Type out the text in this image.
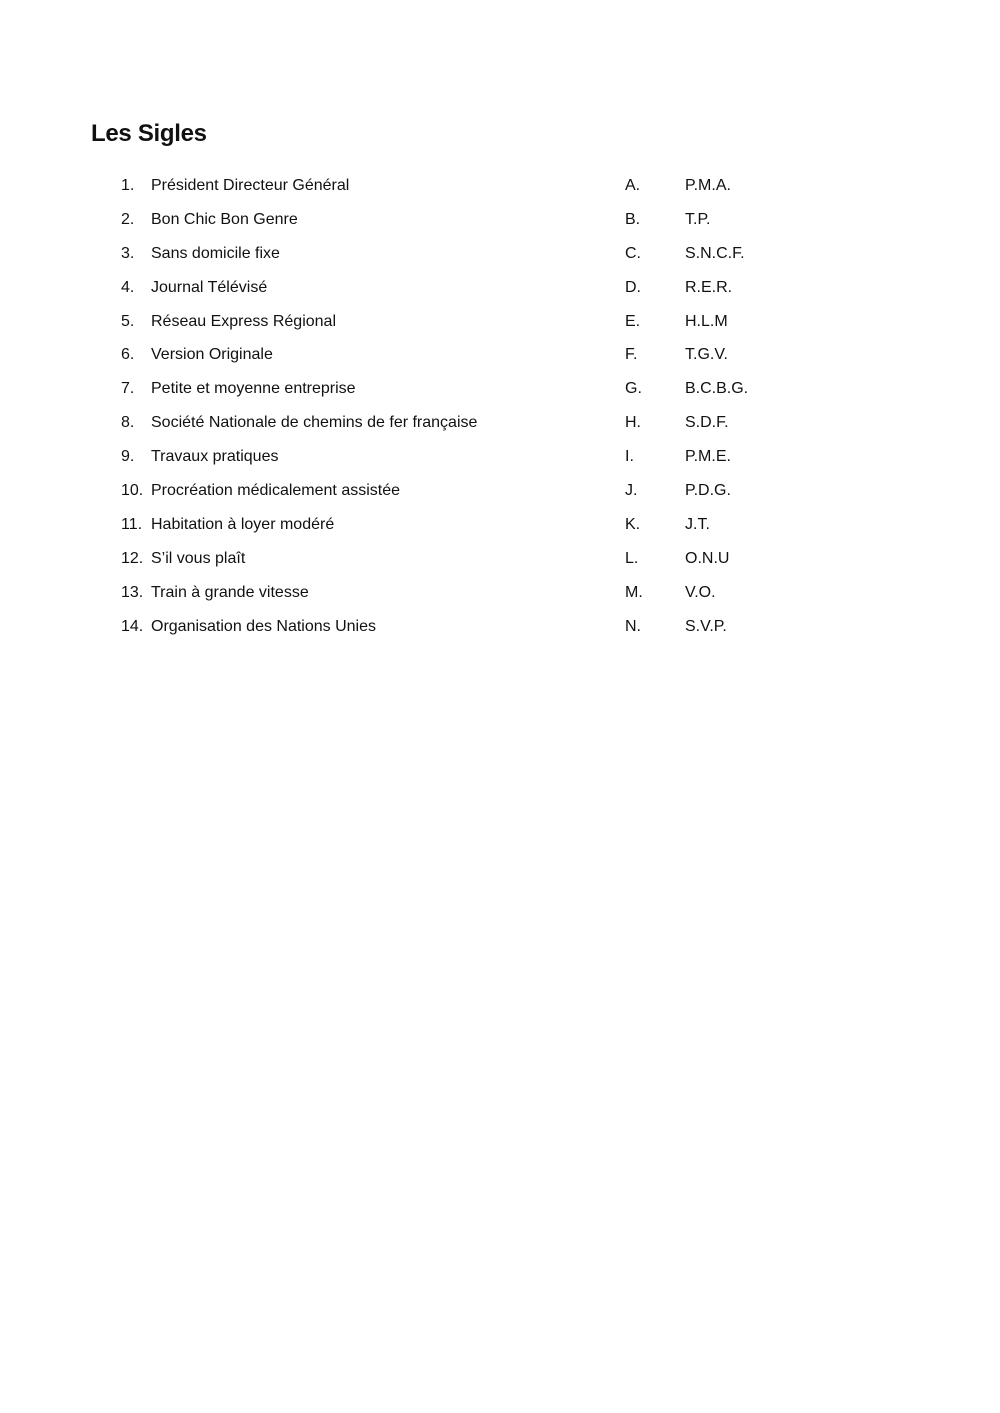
Les Sigles
1. Président Directeur Général	A.	P.M.A.
2. Bon Chic Bon Genre	B.	T.P.
3. Sans domicile fixe	C.	S.N.C.F.
4. Journal Télévisé	D.	R.E.R.
5. Réseau Express Régional	E.	H.L.M
6. Version Originale	F.	T.G.V.
7. Petite et moyenne entreprise	G.	B.C.B.G.
8. Société Nationale de chemins de fer française	H.	S.D.F.
9. Travaux pratiques	I.	P.M.E.
10. Procréation médicalement assistée	J.	P.D.G.
11. Habitation à loyer modéré	K.	J.T.
12. S’il vous plaît	L.	O.N.U
13. Train à grande vitesse	M.	V.O.
14. Organisation des Nations Unies	N.	S.V.P.
